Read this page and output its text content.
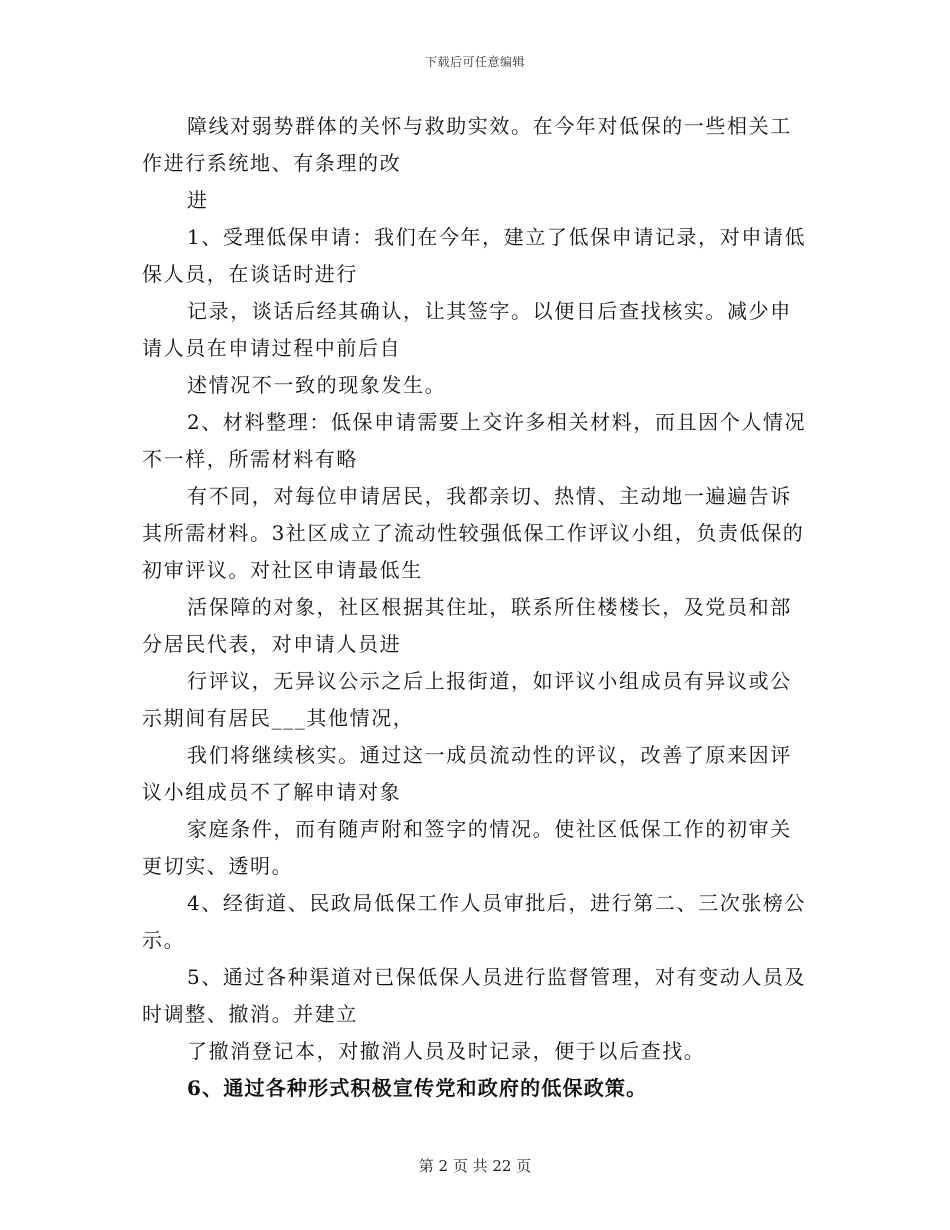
下载后可任意编辑
障线对弱势群体的关怀与救助实效。在今年对低保的一些相关工
作进行系统地、有条理的改
进
1、受理低保申请：我们在今年，建立了低保申请记录，对申请低
保人员，在谈话时进行
记录，谈话后经其确认，让其签字。以便日后查找核实。减少申
请人员在申请过程中前后自
述情况不一致的现象发生。
2、材料整理：低保申请需要上交许多相关材料，而且因个人情况
不一样，所需材料有略
有不同，对每位申请居民，我都亲切、热情、主动地一遍遍告诉
其所需材料。3社区成立了流动性较强低保工作评议小组，负责低保的
初审评议。对社区申请最低生
活保障的对象，社区根据其住址，联系所住楼楼长，及党员和部
分居民代表，对申请人员进
行评议，无异议公示之后上报街道，如评议小组成员有异议或公
示期间有居民___其他情况，
我们将继续核实。通过这一成员流动性的评议，改善了原来因评
议小组成员不了解申请对象
家庭条件，而有随声附和签字的情况。使社区低保工作的初审关
更切实、透明。
4、经街道、民政局低保工作人员审批后，进行第二、三次张榜公
示。
5、通过各种渠道对已保低保人员进行监督管理，对有变动人员及
时调整、撤消。并建立
了撤消登记本，对撤消人员及时记录，便于以后查找。
6、通过各种形式积极宣传党和政府的低保政策。
第 2 页 共 22 页
